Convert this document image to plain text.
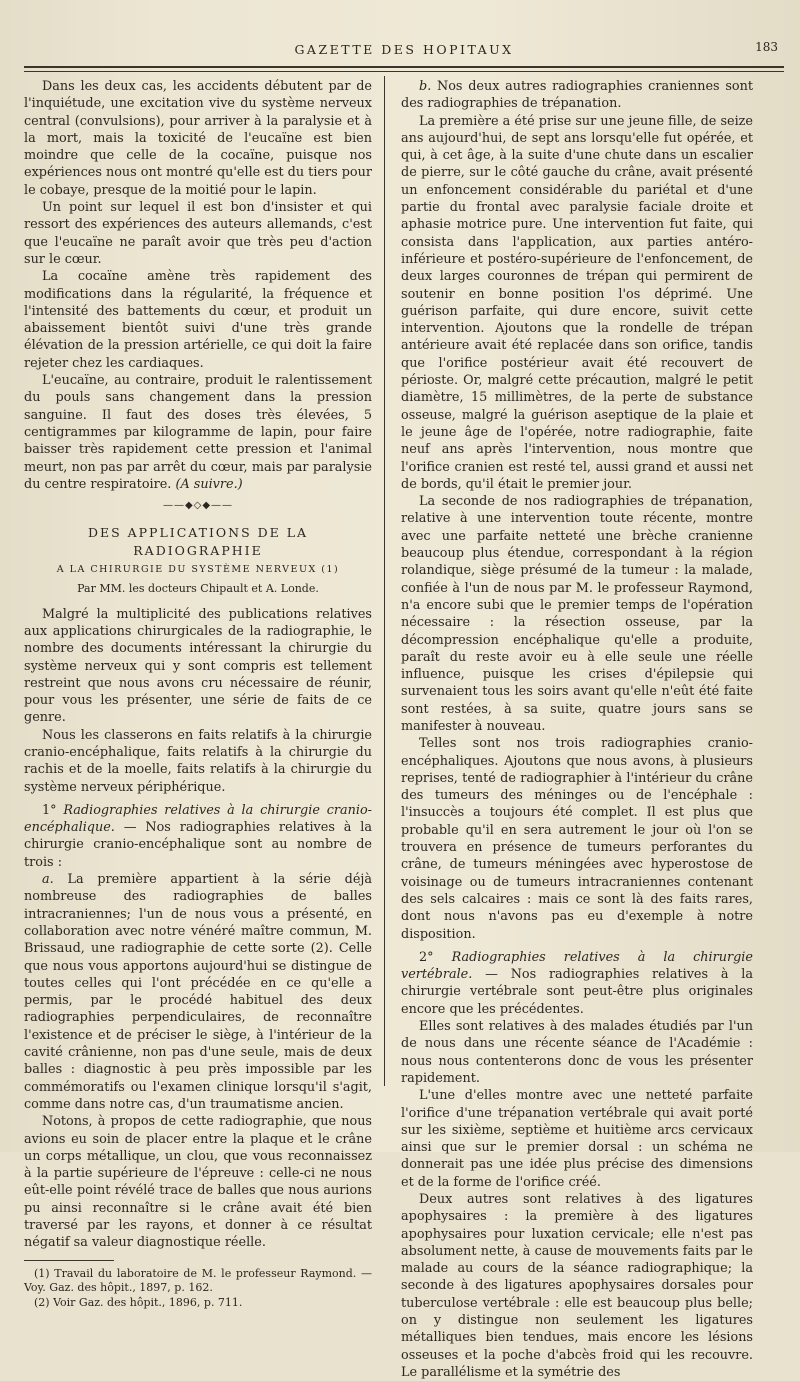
GAZETTE DES HOPITAUX	183

Dans les deux cas, les accidents débutent par de l'inquiétude, une excitation vive du système nerveux central (convulsions), pour arriver à la paralysie et à la mort, mais la toxicité de l'eucaïne est bien moindre que celle de la cocaïne, puisque nos expériences nous ont montré qu'elle est du tiers pour le cobaye, presque de la moitié pour le lapin.

Un point sur lequel il est bon d'insister et qui ressort des expériences des auteurs allemands, c'est que l'eucaïne ne paraît avoir que très peu d'action sur le cœur.

La cocaïne amène très rapidement des modifications dans la régularité, la fréquence et l'intensité des battements du cœur, et produit un abaissement bientôt suivi d'une très grande élévation de la pression artérielle, ce qui doit la faire rejeter chez les cardiaques.

L'eucaïne, au contraire, produit le ralentissement du pouls sans changement dans la pression sanguine. Il faut des doses très élevées, 5 centigrammes par kilogramme de lapin, pour faire baisser très rapidement cette pression et l'animal meurt, non pas par arrêt du cœur, mais par paralysie du centre respiratoire. (A suivre.)

——◆◇◆——

DES APPLICATIONS DE LA RADIOGRAPHIE

A LA CHIRURGIE DU SYSTÈME NERVEUX (1)

Par MM. les docteurs Chipault et A. Londe.

Malgré la multiplicité des publications relatives aux applications chirurgicales de la radiographie, le nombre des documents intéressant la chirurgie du système nerveux qui y sont compris est tellement restreint que nous avons cru nécessaire de réunir, pour vous les présenter, une série de faits de ce genre.

Nous les classerons en faits relatifs à la chirurgie cranio-encéphalique, faits relatifs à la chirurgie du rachis et de la moelle, faits relatifs à la chirurgie du système nerveux périphérique.

1° Radiographies relatives à la chirurgie cranio-encéphalique. — Nos radiographies relatives à la chirurgie cranio-encéphalique sont au nombre de trois :

a. La première appartient à la série déjà nombreuse des radiographies de balles intracraniennes; l'un de nous vous a présenté, en collaboration avec notre vénéré maître commun, M. Brissaud, une radiographie de cette sorte (2). Celle que nous vous apportons aujourd'hui se distingue de toutes celles qui l'ont précédée en ce qu'elle a permis, par le procédé habituel des deux radiographies perpendiculaires, de reconnaître l'existence et de préciser le siège, à l'intérieur de la cavité crânienne, non pas d'une seule, mais de deux balles : diagnostic à peu près impossible par les commémoratifs ou l'examen clinique lorsqu'il s'agit, comme dans notre cas, d'un traumatisme ancien.

Notons, à propos de cette radiographie, que nous avions eu soin de placer entre la plaque et le crâne un corps métallique, un clou, que vous reconnaissez à la partie supérieure de l'épreuve : celle-ci ne nous eût-elle point révélé trace de balles que nous aurions pu ainsi reconnaître si le crâne avait été bien traversé par les rayons, et donner à ce résultat négatif sa valeur diagnostique réelle.

(1) Travail du laboratoire de M. le professeur Raymond. — Voy. Gaz. des hôpit., 1897, p. 162.

(2) Voir Gaz. des hôpit., 1896, p. 711.

b. Nos deux autres radiographies craniennes sont des radiographies de trépanation.

La première a été prise sur une jeune fille, de seize ans aujourd'hui, de sept ans lorsqu'elle fut opérée, et qui, à cet âge, à la suite d'une chute dans un escalier de pierre, sur le côté gauche du crâne, avait présenté un enfoncement considérable du pariétal et d'une partie du frontal avec paralysie faciale droite et aphasie motrice pure. Une intervention fut faite, qui consista dans l'application, aux parties antéro-inférieure et postéro-supérieure de l'enfoncement, de deux larges couronnes de trépan qui permirent de soutenir en bonne position l'os déprimé. Une guérison parfaite, qui dure encore, suivit cette intervention. Ajoutons que la rondelle de trépan antérieure avait été replacée dans son orifice, tandis que l'orifice postérieur avait été recouvert de périoste. Or, malgré cette précaution, malgré le petit diamètre, 15 millimètres, de la perte de substance osseuse, malgré la guérison aseptique de la plaie et le jeune âge de l'opérée, notre radiographie, faite neuf ans après l'intervention, nous montre que l'orifice cranien est resté tel, aussi grand et aussi net de bords, qu'il était le premier jour.

La seconde de nos radiographies de trépanation, relative à une intervention toute récente, montre avec une parfaite netteté une brèche cranienne beaucoup plus étendue, correspondant à la région rolandique, siège présumé de la tumeur : la malade, confiée à l'un de nous par M. le professeur Raymond, n'a encore subi que le premier temps de l'opération nécessaire : la résection osseuse, par la décompression encéphalique qu'elle a produite, paraît du reste avoir eu à elle seule une réelle influence, puisque les crises d'épilepsie qui survenaient tous les soirs avant qu'elle n'eût été faite sont restées, à sa suite, quatre jours sans se manifester à nouveau.

Telles sont nos trois radiographies cranio-encéphaliques. Ajoutons que nous avons, à plusieurs reprises, tenté de radiographier à l'intérieur du crâne des tumeurs des méninges ou de l'encéphale : l'insuccès a toujours été complet. Il est plus que probable qu'il en sera autrement le jour où l'on se trouvera en présence de tumeurs perforantes du crâne, de tumeurs méningées avec hyperostose de voisinage ou de tumeurs intracraniennes contenant des sels calcaires : mais ce sont là des faits rares, dont nous n'avons pas eu d'exemple à notre disposition.

2° Radiographies relatives à la chirurgie vertébrale. — Nos radiographies relatives à la chirurgie vertébrale sont peut-être plus originales encore que les précédentes.

Elles sont relatives à des malades étudiés par l'un de nous dans une récente séance de l'Académie : nous nous contenterons donc de vous les présenter rapidement.

L'une d'elles montre avec une netteté parfaite l'orifice d'une trépanation vertébrale qui avait porté sur les sixième, septième et huitième arcs cervicaux ainsi que sur le premier dorsal : un schéma ne donnerait pas une idée plus précise des dimensions et de la forme de l'orifice créé.

Deux autres sont relatives à des ligatures apophysaires : la première à des ligatures apophysaires pour luxation cervicale; elle n'est pas absolument nette, à cause de mouvements faits par le malade au cours de la séance radiographique; la seconde à des ligatures apophysaires dorsales pour tuberculose vertébrale : elle est beaucoup plus belle; on y distingue non seulement les ligatures métalliques bien tendues, mais encore les lésions osseuses et la poche d'abcès froid qui les recouvre. Le parallélisme et la symétrie des
